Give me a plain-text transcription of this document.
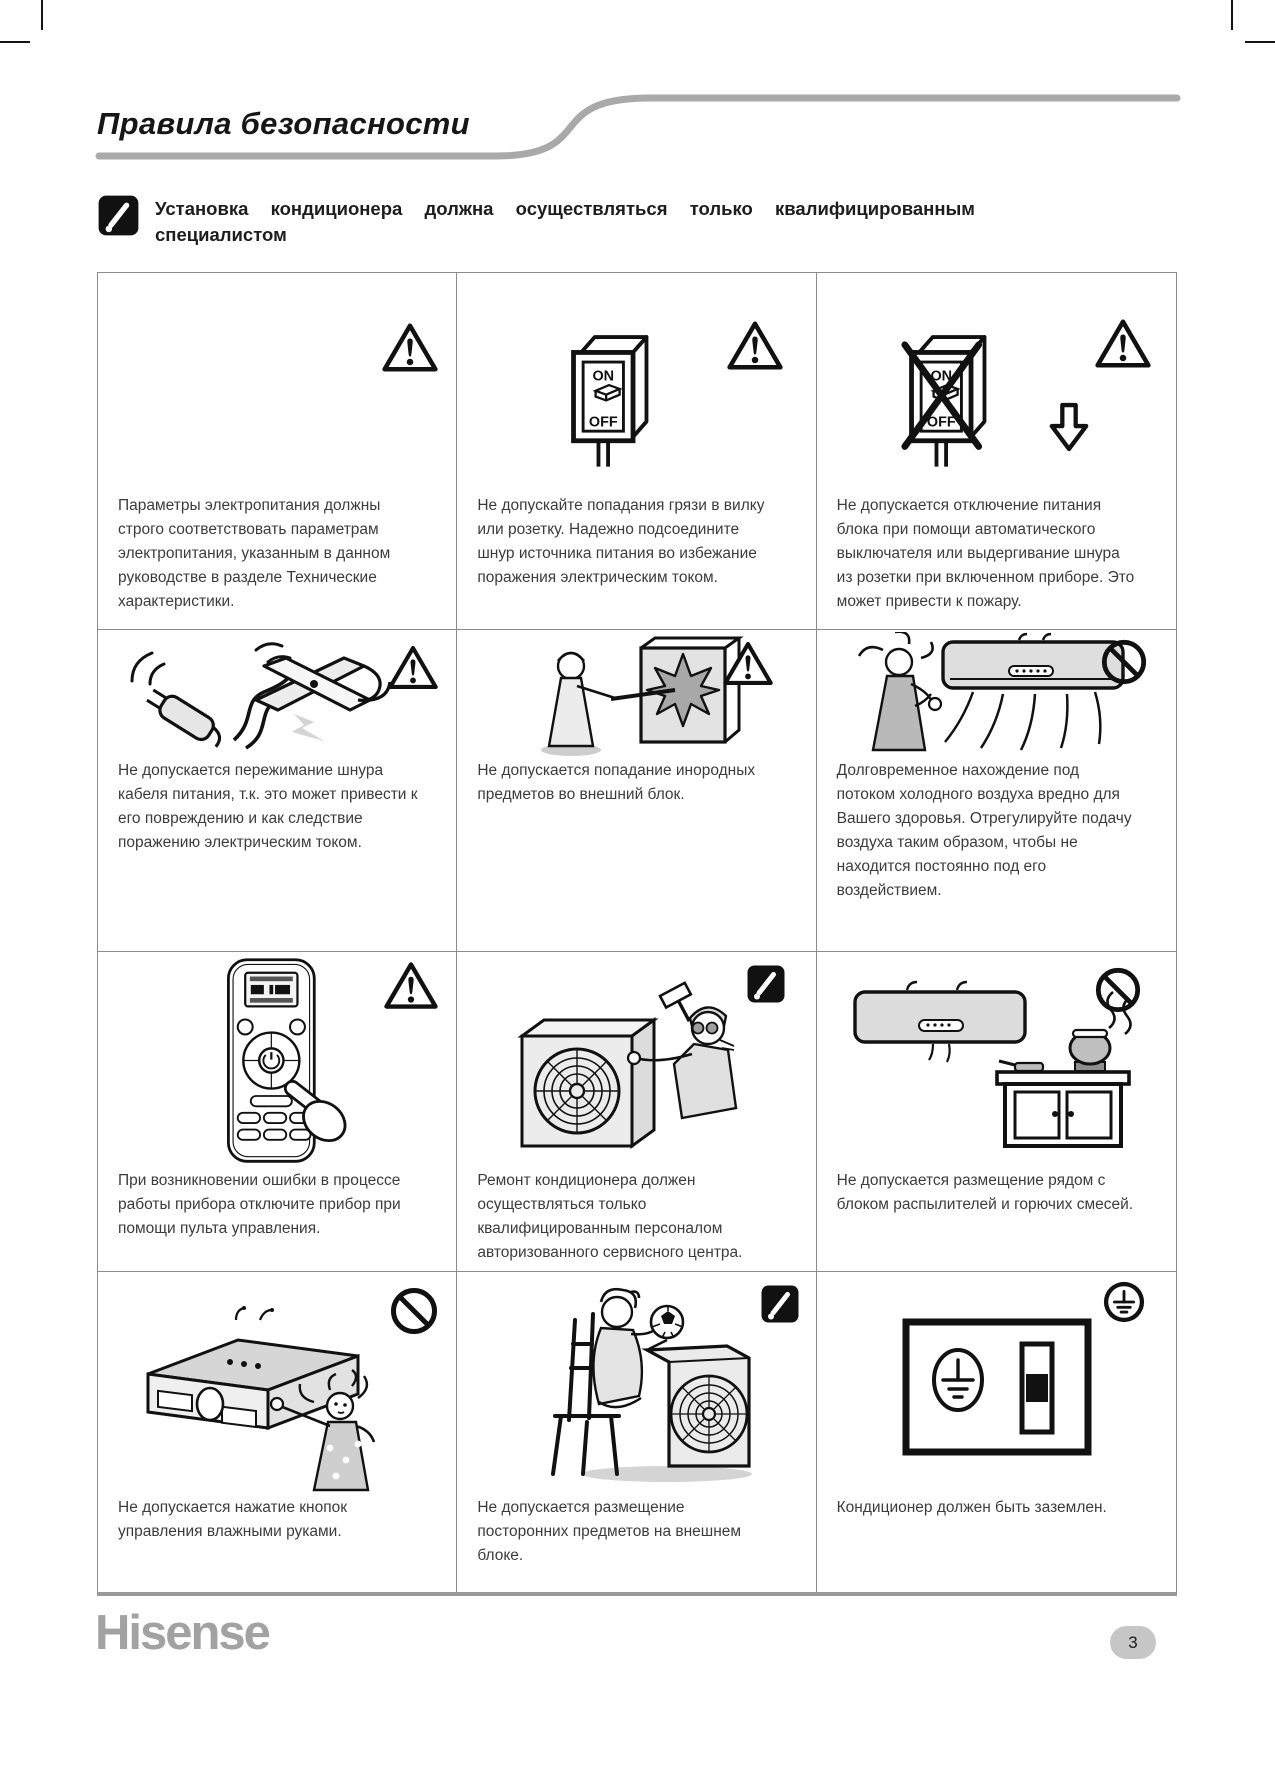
Правила безопасности

Установка кондиционера должна осуществляться только квалифицированным специалистом

Параметры электропитания должны строго соответствовать параметрам электропитания, указанным в данном руководстве в разделе Технические характеристики.

Не допускайте попадания грязи в вилку или розетку. Надежно подсоедините шнур источника питания во избежание поражения электрическим током.

Не допускается отключение питания блока при помощи автоматического выключателя или выдергивание шнура из розетки при включенном приборе. Это может привести к пожару.

Не допускается пережимание шнура кабеля питания, т.к. это может привести к его повреждению и как следствие поражению электрическим током.

Не допускается попадание инородных предметов во внешний блок.

Долговременное нахождение под потоком холодного воздуха вредно для Вашего здоровья. Отрегулируйте подачу воздуха таким образом, чтобы не находится постоянно под его воздействием.

При возникновении ошибки в процессе работы прибора отключите прибор при помощи пульта управления.

Ремонт кондиционера должен осуществляться только квалифицированным персоналом авторизованного сервисного центра.

Не допускается размещение рядом с блоком распылителей и горючих смесей.

Не допускается нажатие кнопок управления влажными руками.

Не допускается размещение посторонних предметов на внешнем блоке.

Кондиционер должен быть заземлен.

Hisense	3
